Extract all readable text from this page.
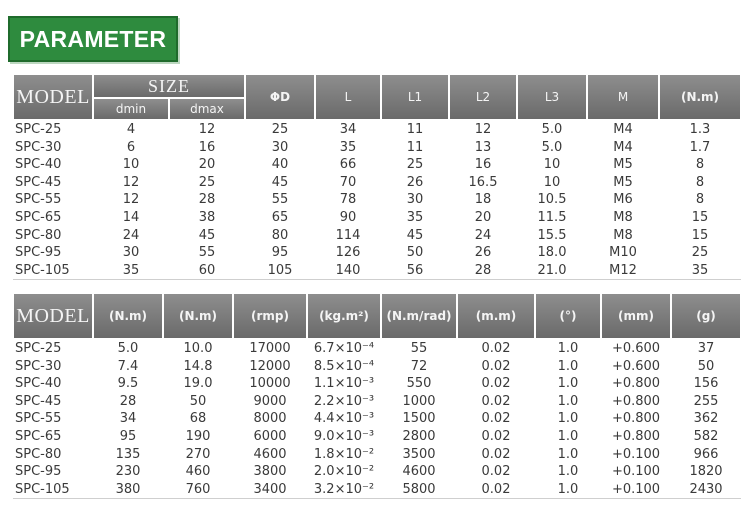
PARAMETER
MODEL	SIZE		ΦD	L	L1	L2	L3	M	(N.m)
	dmin	dmax							
SPC-25	4	12	25	34	11	12	5.0	M4	1.3
SPC-30	6	16	30	35	11	13	5.0	M4	1.7
SPC-40	10	20	40	66	25	16	10	M5	8
SPC-45	12	25	45	70	26	16.5	10	M5	8
SPC-55	12	28	55	78	30	18	10.5	M6	8
SPC-65	14	38	65	90	35	20	11.5	M8	15
SPC-80	24	45	80	114	45	24	15.5	M8	15
SPC-95	30	55	95	126	50	26	18.0	M10	25
SPC-105	35	60	105	140	56	28	21.0	M12	35
MODEL	(N.m)	(N.m)	(rmp)	(kg.m²)	(N.m/rad)	(m.m)	(°)	(mm)	(g)
SPC-25	5.0	10.0	17000	6.7×10⁻⁴	55	0.02	1.0	+0.600	37
SPC-30	7.4	14.8	12000	8.5×10⁻⁴	72	0.02	1.0	+0.600	50
SPC-40	9.5	19.0	10000	1.1×10⁻³	550	0.02	1.0	+0.800	156
SPC-45	28	50	9000	2.2×10⁻³	1000	0.02	1.0	+0.800	255
SPC-55	34	68	8000	4.4×10⁻³	1500	0.02	1.0	+0.800	362
SPC-65	95	190	6000	9.0×10⁻³	2800	0.02	1.0	+0.800	582
SPC-80	135	270	4600	1.8×10⁻²	3500	0.02	1.0	+0.100	966
SPC-95	230	460	3800	2.0×10⁻²	4600	0.02	1.0	+0.100	1820
SPC-105	380	760	3400	3.2×10⁻²	5800	0.02	1.0	+0.100	2430
